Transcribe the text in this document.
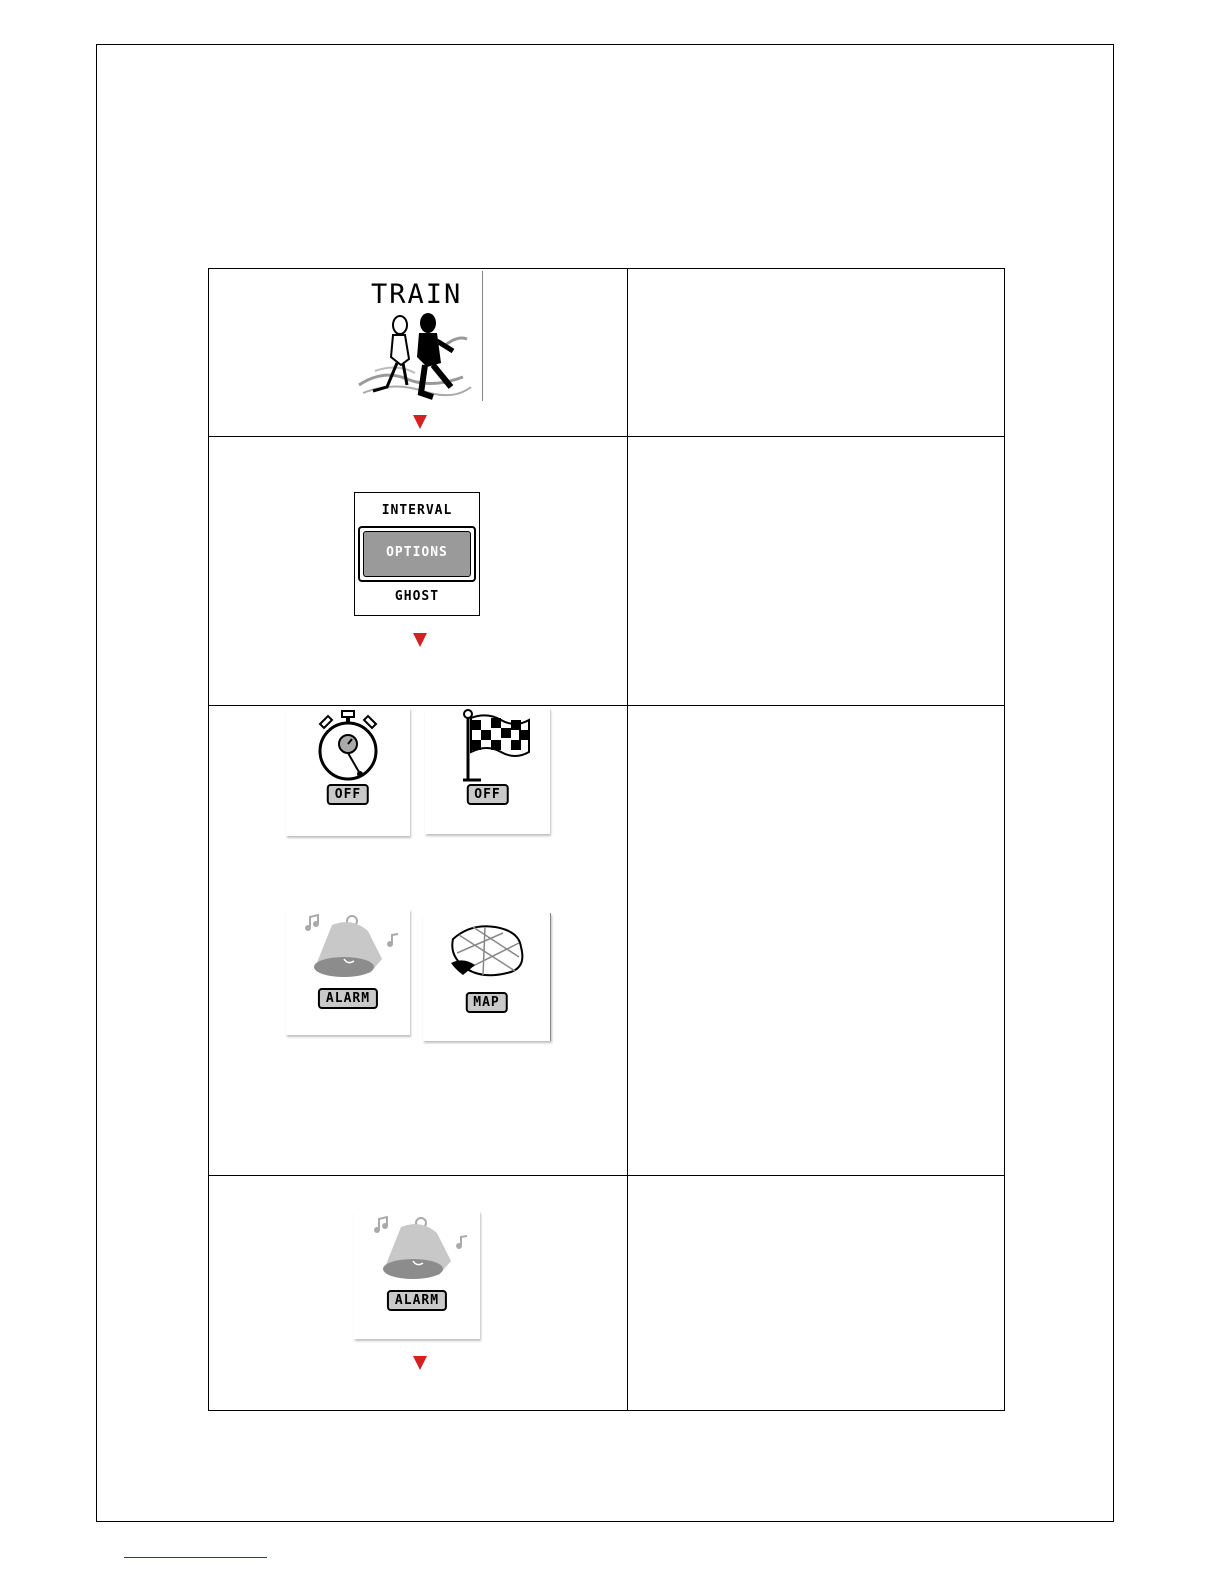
TRAIN	

INTERVAL
OPTIONS
GHOST	

OFF OFF
ALARM MAP	

ALARM	
